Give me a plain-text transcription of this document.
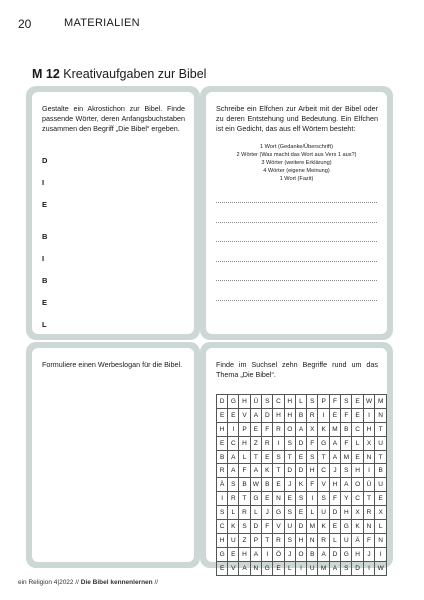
20	MATERIALIEN
M 12 Kreativaufgaben zur Bibel
Gestalte ein Akrostichon zur Bibel. Finde passende Wörter, deren Anfangsbuchstaben zusammen den Begriff „Die Bibel“ ergeben.
D
I
E
B
I
B
E
L
Schreibe ein Elfchen zur Arbeit mit der Bibel oder zu deren Entstehung und Bedeutung. Ein Elfchen ist ein Gedicht, das aus elf Wörtern besteht:
1 Wort (Gedanke/Überschrift)
2 Wörter (Was macht das Wort aus Vers 1 aus?)
3 Wörter (weitere Erklärung)
4 Wörter (eigene Meinung)
1 Wort (Fazit)
Formuliere einen Werbeslogan für die Bibel.	Finde im Suchsel zehn Begriffe rund um das Thema „Die Bibel“.
D	G	H	Ü	S	C	H	L	S	P	F	S	E	W	M
E	E	V	A	D	H	H	B	R	I	E	F	E	I	N
H	I	P	E	F	R	O	A	X	K	M	B	C	H	T
E	C	H	Z	R	I	S	D	F	G	A	F	L	X	U
B	A	L	T	E	S	T	E	S	T	A	M	E	N	T
R	A	F	A	K	T	D	D	H	C	J	S	H	I	B
Ä	S	B	W	B	E	J	K	F	V	H	A	O	Ü	U
I	R	T	G	E	N	E	S	I	S	F	Y	C	T	E
S	L	R	L	J	G	S	E	L	U	D	H	X	R	X
C	K	S	D	F	V	U	D	M	K	E	G	K	N	L
H	U	Z	P	T	R	S	H	N	R	L	U	Ä	F	N
G	E	H	A	I	Ö	J	O	B	A	D	G	H	J	I
E	V	A	N	G	E	L	I	U	M	A	S	D	I	W
ein Religion 4|2022 // Die Bibel kennenlernen //
